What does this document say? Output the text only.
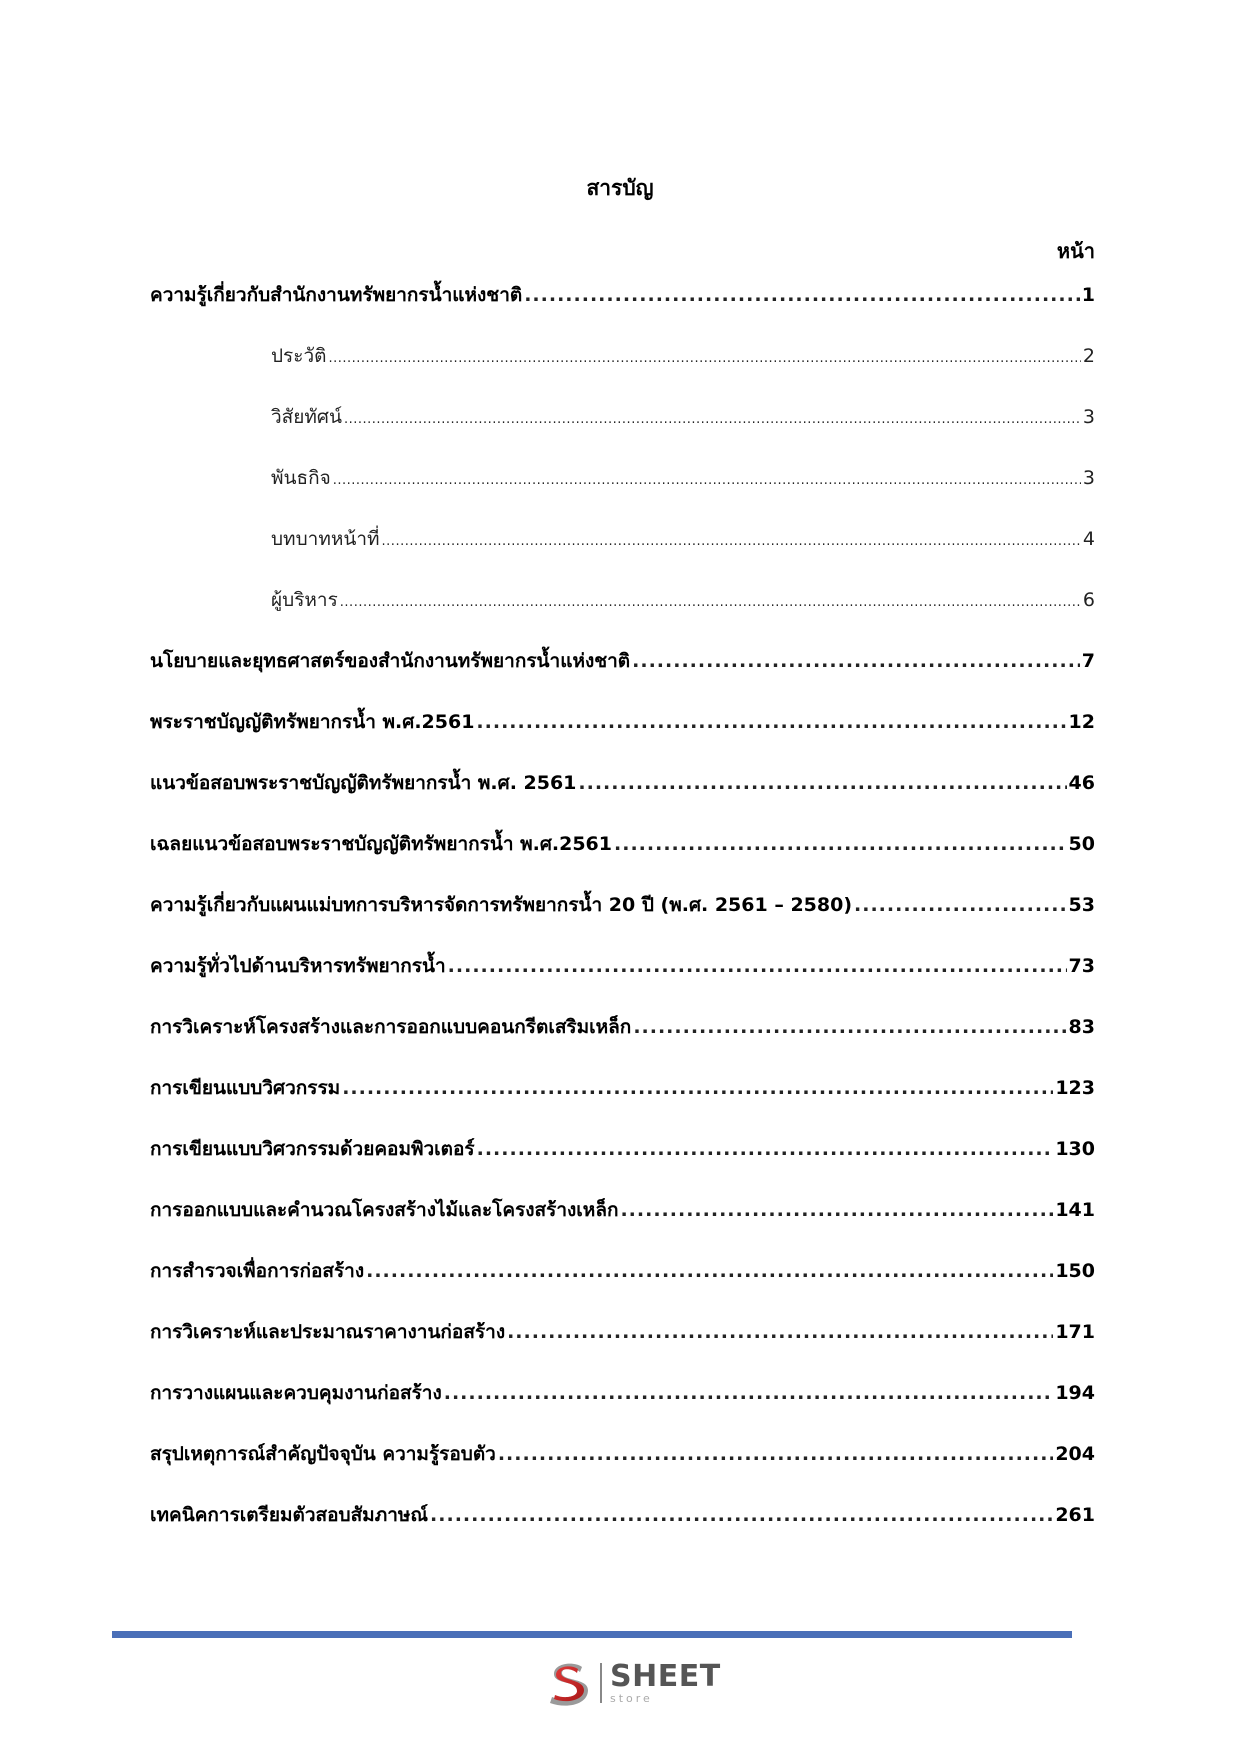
สารบัญ
หน้า
ความรู้เกี่ยวกับสำนักงานทรัพยากรน้ำแห่งชาติ .....	1
ประวัติ .....	2
วิสัยทัศน์ .....	3
พันธกิจ .....	3
บทบาทหน้าที่ .....	4
ผู้บริหาร .....	6
นโยบายและยุทธศาสตร์ของสำนักงานทรัพยากรน้ำแห่งชาติ .....	7
พระราชบัญญัติทรัพยากรน้ำ พ.ศ.2561 .....	12
แนวข้อสอบพระราชบัญญัติทรัพยากรน้ำ พ.ศ. 2561 .....	46
เฉลยแนวข้อสอบพระราชบัญญัติทรัพยากรน้ำ พ.ศ.2561 .....	50
ความรู้เกี่ยวกับแผนแม่บทการบริหารจัดการทรัพยากรน้ำ 20 ปี (พ.ศ. 2561 – 2580) .....	53
ความรู้ทั่วไปด้านบริหารทรัพยากรน้ำ .....	73
การวิเคราะห์โครงสร้างและการออกแบบคอนกรีตเสริมเหล็ก .....	83
การเขียนแบบวิศวกรรม .....	123
การเขียนแบบวิศวกรรมด้วยคอมพิวเตอร์ .....	130
การออกแบบและคำนวณโครงสร้างไม้และโครงสร้างเหล็ก .....	141
การสำรวจเพื่อการก่อสร้าง .....	150
การวิเคราะห์และประมาณราคางานก่อสร้าง .....	171
การวางแผนและควบคุมงานก่อสร้าง .....	194
สรุปเหตุการณ์สำคัญปัจจุบัน ความรู้รอบตัว .....	204
เทคนิคการเตรียมตัวสอบสัมภาษณ์ .....	261
SHEET
store
